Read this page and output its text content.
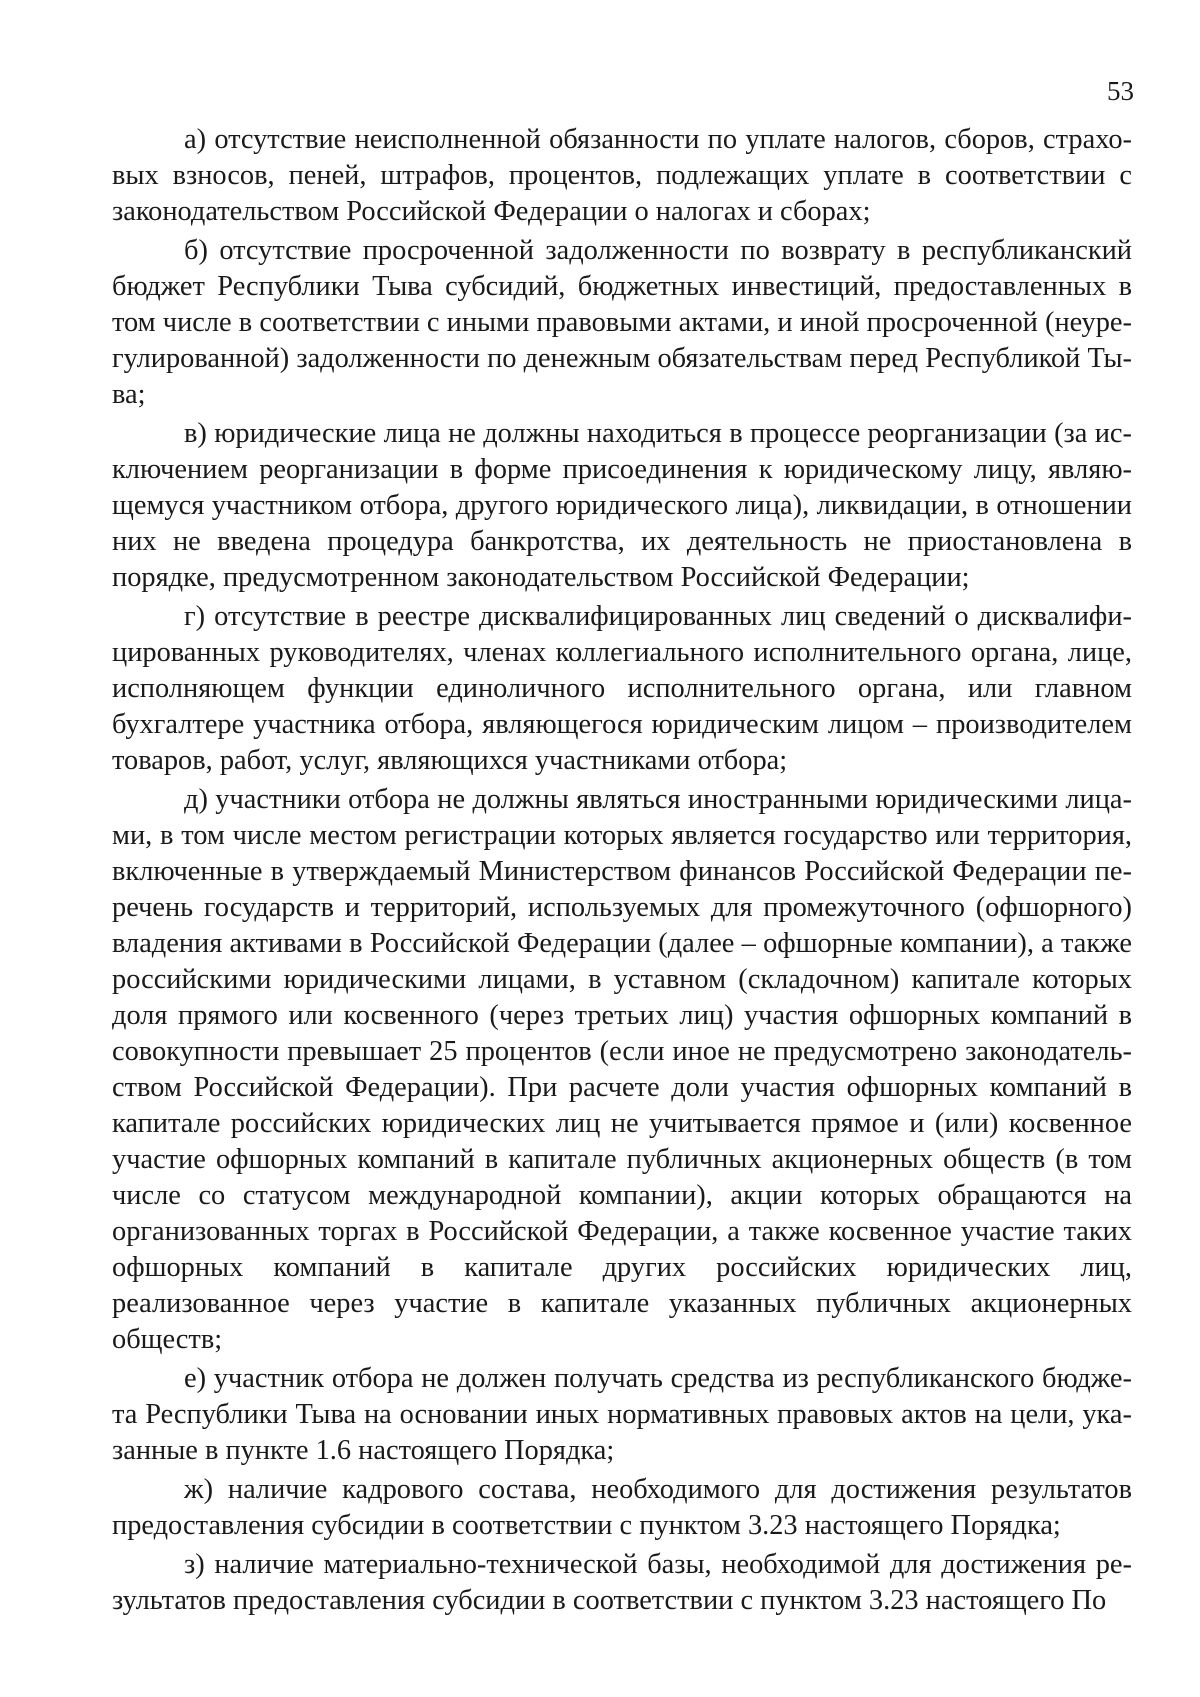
53

а) отсутствие неисполненной обязанности по уплате налогов, сборов, страховых взносов, пеней, штрафов, процентов, подлежащих уплате в соответствии с законодательством Российской Федерации о налогах и сборах;

б) отсутствие просроченной задолженности по возврату в республиканский бюджет Республики Тыва субсидий, бюджетных инвестиций, предоставленных в том числе в соответствии с иными правовыми актами, и иной просроченной (неурегулированной) задолженности по денежным обязательствам перед Республикой Тыва;

в) юридические лица не должны находиться в процессе реорганизации (за исключением реорганизации в форме присоединения к юридическому лицу, являющемуся участником отбора, другого юридического лица), ликвидации, в отношении них не введена процедура банкротства, их деятельность не приостановлена в порядке, предусмотренном законодательством Российской Федерации;

г) отсутствие в реестре дисквалифицированных лиц сведений о дисквалифицированных руководителях, членах коллегиального исполнительного органа, лице, исполняющем функции единоличного исполнительного органа, или главном бухгалтере участника отбора, являющегося юридическим лицом – производителем товаров, работ, услуг, являющихся участниками отбора;

д) участники отбора не должны являться иностранными юридическими лицами, в том числе местом регистрации которых является государство или территория, включенные в утверждаемый Министерством финансов Российской Федерации перечень государств и территорий, используемых для промежуточного (офшорного) владения активами в Российской Федерации (далее – офшорные компании), а также российскими юридическими лицами, в уставном (складочном) капитале которых доля прямого или косвенного (через третьих лиц) участия офшорных компаний в совокупности превышает 25 процентов (если иное не предусмотрено законодательством Российской Федерации). При расчете доли участия офшорных компаний в капитале российских юридических лиц не учитывается прямое и (или) косвенное участие офшорных компаний в капитале публичных акционерных обществ (в том числе со статусом международной компании), акции которых обращаются на организованных торгах в Российской Федерации, а также косвенное участие таких офшорных компаний в капитале других российских юридических лиц, реализованное через участие в капитале указанных публичных акционерных обществ;

е) участник отбора не должен получать средства из республиканского бюджета Республики Тыва на основании иных нормативных правовых актов на цели, указанные в пункте 1.6 настоящего Порядка;

ж) наличие кадрового состава, необходимого для достижения результатов предоставления субсидии в соответствии с пунктом 3.23 настоящего Порядка;

з) наличие материально-технической базы, необходимой для достижения результатов предоставления субсидии в соответствии с пунктом 3.23 настоящего По
